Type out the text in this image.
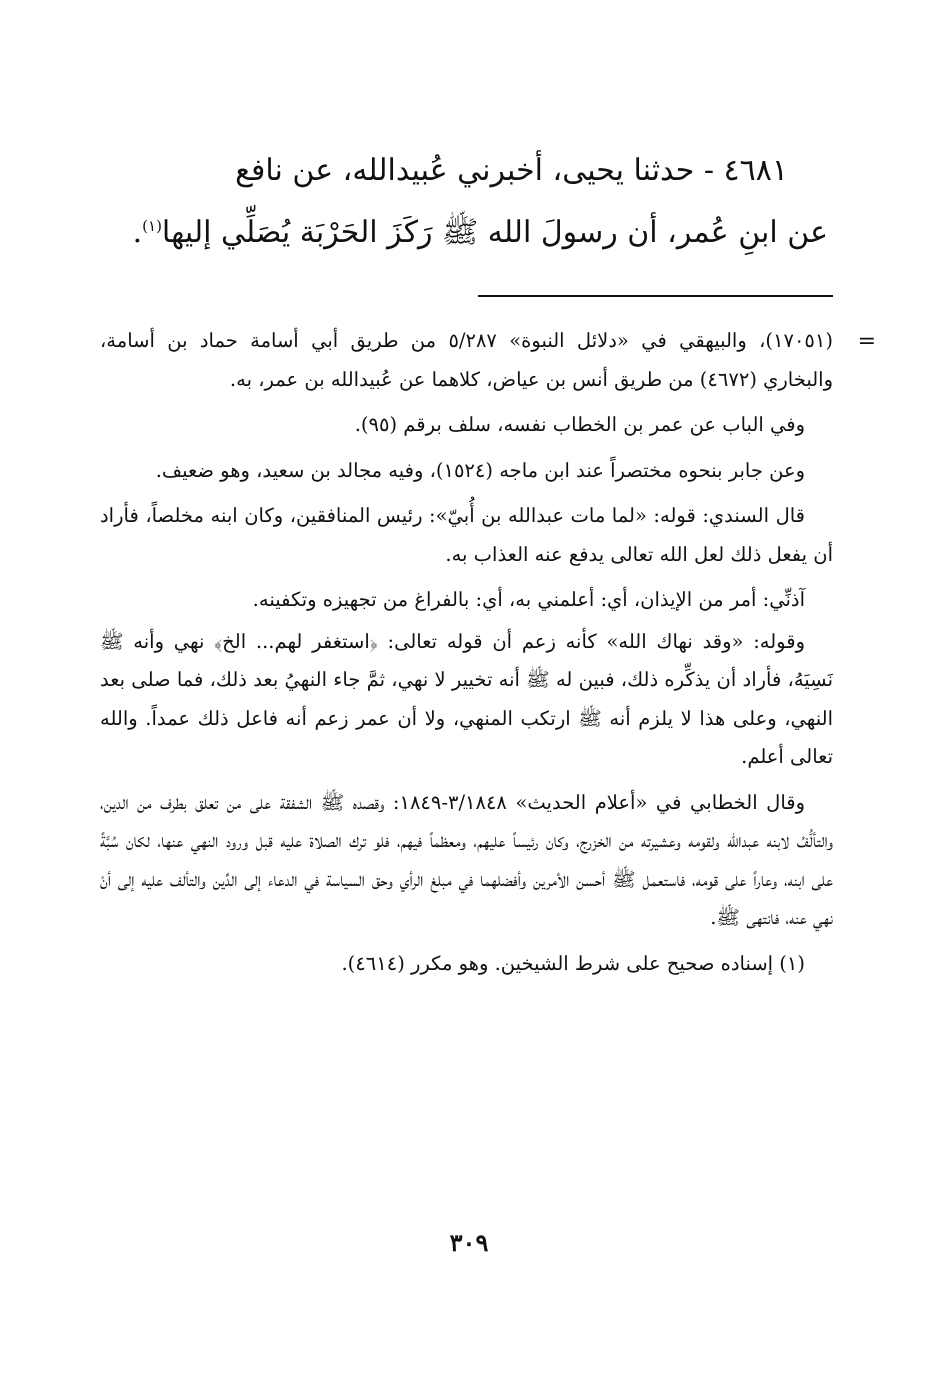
٤٦٨١ - حدثنا يحيى، أخبرني عُبيدالله، عن نافع

عن ابنِ عُمر، أن رسولَ الله ﷺ رَكَزَ الحَرْبَة يُصَلِّي إليها$^{(١)}$.

=

(١٧٠٥١)، والبيهقي في «دلائل النبوة» ٥/٢٨٧ من طريق أبي أسامة حماد بن أسامة، والبخاري (٤٦٧٢) من طريق أنس بن عياض، كلاهما عن عُبيدالله بن عمر، به.

وفي الباب عن عمر بن الخطاب نفسه، سلف برقم (٩٥).

وعن جابر بنحوه مختصراً عند ابن ماجه (١٥٢٤)، وفيه مجالد بن سعيد، وهو ضعيف.

قال السندي: قوله: «لما مات عبدالله بن أُبيّ»: رئيس المنافقين، وكان ابنه مخلصاً، فأراد أن يفعل ذلك لعل الله تعالى يدفع عنه العذاب به.

آذنِّي: أمر من الإيذان، أي: أعلمني به، أي: بالفراغ من تجهيزه وتكفينه.

وقوله: «وقد نهاك الله» كأنه زعم أن قوله تعالى: ﴿استغفر لهم... الخ﴾ نهي وأنه ﷺ نَسِيَهُ، فأراد أن يذكِّره ذلك، فبين له ﷺ أنه تخيير لا نهي، ثمَّ جاء النهيُ بعد ذلك، فما صلى بعد النهي، وعلى هذا لا يلزم أنه ﷺ ارتكب المنهي، ولا أن عمر زعم أنه فاعل ذلك عمداً. والله تعالى أعلم.

وقال الخطابي في «أعلام الحديث» ٣/١٨٤٨-١٨٤٩: وقصده ﷺ الشفقة على من تعلق بطرف من الدين، والتألُّفُ لابنه عبدالله ولقومه وعشيرته من الخزرج، وكان رئيساً عليهم، ومعظماً فيهم، فلو ترك الصلاة عليه قبل ورود النهي عنها، لكان سُبَّةً على ابنه، وعاراً على قومه، فاستعمل ﷺ أحسن الأمرين وأفضلهما في مبلغ الرأي وحق السياسة في الدعاء إلى الدِّين والتألف عليه إلى أنْ نهي عنه، فانتهى ﷺ.

(١) إسناده صحيح على شرط الشيخين. وهو مكرر (٤٦١٤).

٣٠٩
